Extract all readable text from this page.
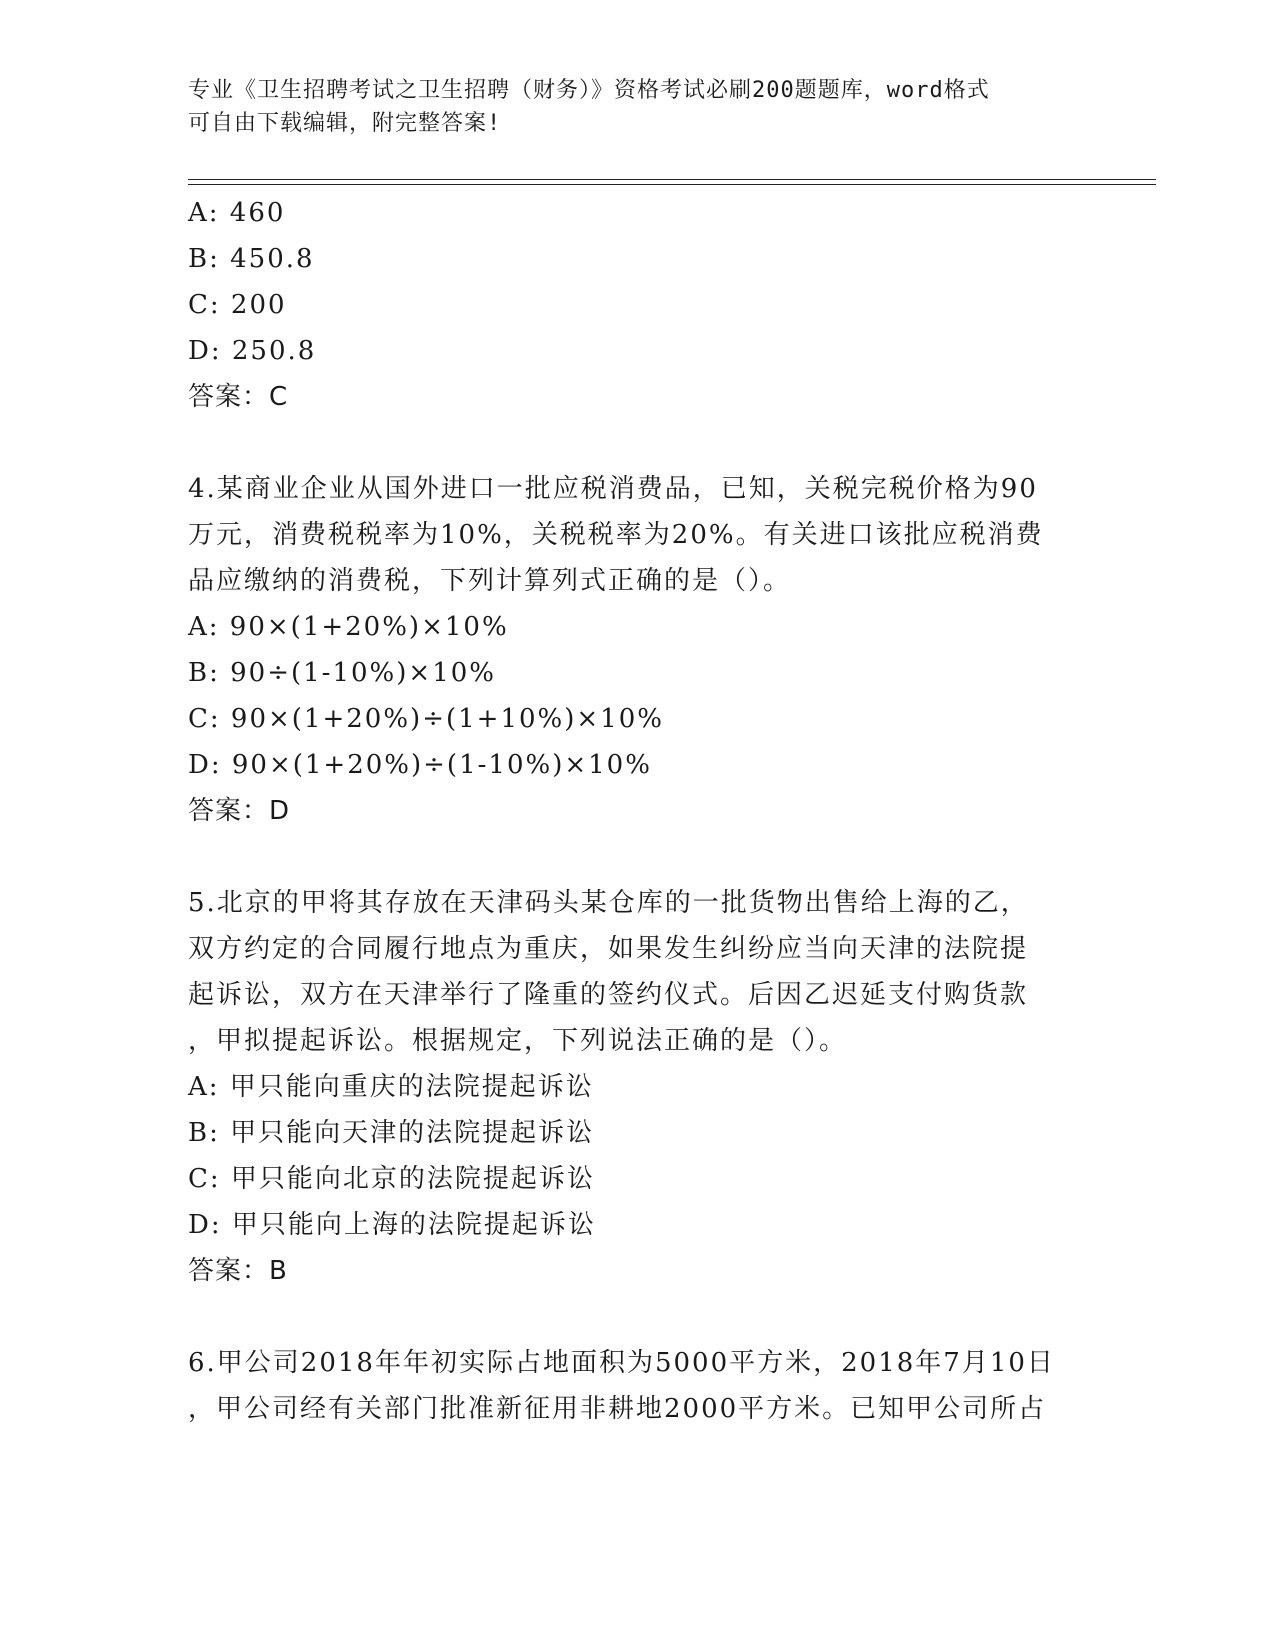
专业《卫生招聘考试之卫生招聘（财务）》资格考试必刷200题题库，word格式
可自由下载编辑，附完整答案!
A: 460
B: 450.8
C: 200
D: 250.8
答案：C
4.某商业企业从国外进口一批应税消费品，已知，关税完税价格为90
万元，消费税税率为10%，关税税率为20%。有关进口该批应税消费
品应缴纳的消费税，下列计算列式正确的是（）。
A: 90×(1+20%)×10%
B: 90÷(1-10%)×10%
C: 90×(1+20%)÷(1+10%)×10%
D: 90×(1+20%)÷(1-10%)×10%
答案：D
5.北京的甲将其存放在天津码头某仓库的一批货物出售给上海的乙，
双方约定的合同履行地点为重庆，如果发生纠纷应当向天津的法院提
起诉讼，双方在天津举行了隆重的签约仪式。后因乙迟延支付购货款
，甲拟提起诉讼。根据规定，下列说法正确的是（）。
A: 甲只能向重庆的法院提起诉讼
B: 甲只能向天津的法院提起诉讼
C: 甲只能向北京的法院提起诉讼
D: 甲只能向上海的法院提起诉讼
答案：B
6.甲公司2018年年初实际占地面积为5000平方米，2018年7月10日
，甲公司经有关部门批准新征用非耕地2000平方米。已知甲公司所占
